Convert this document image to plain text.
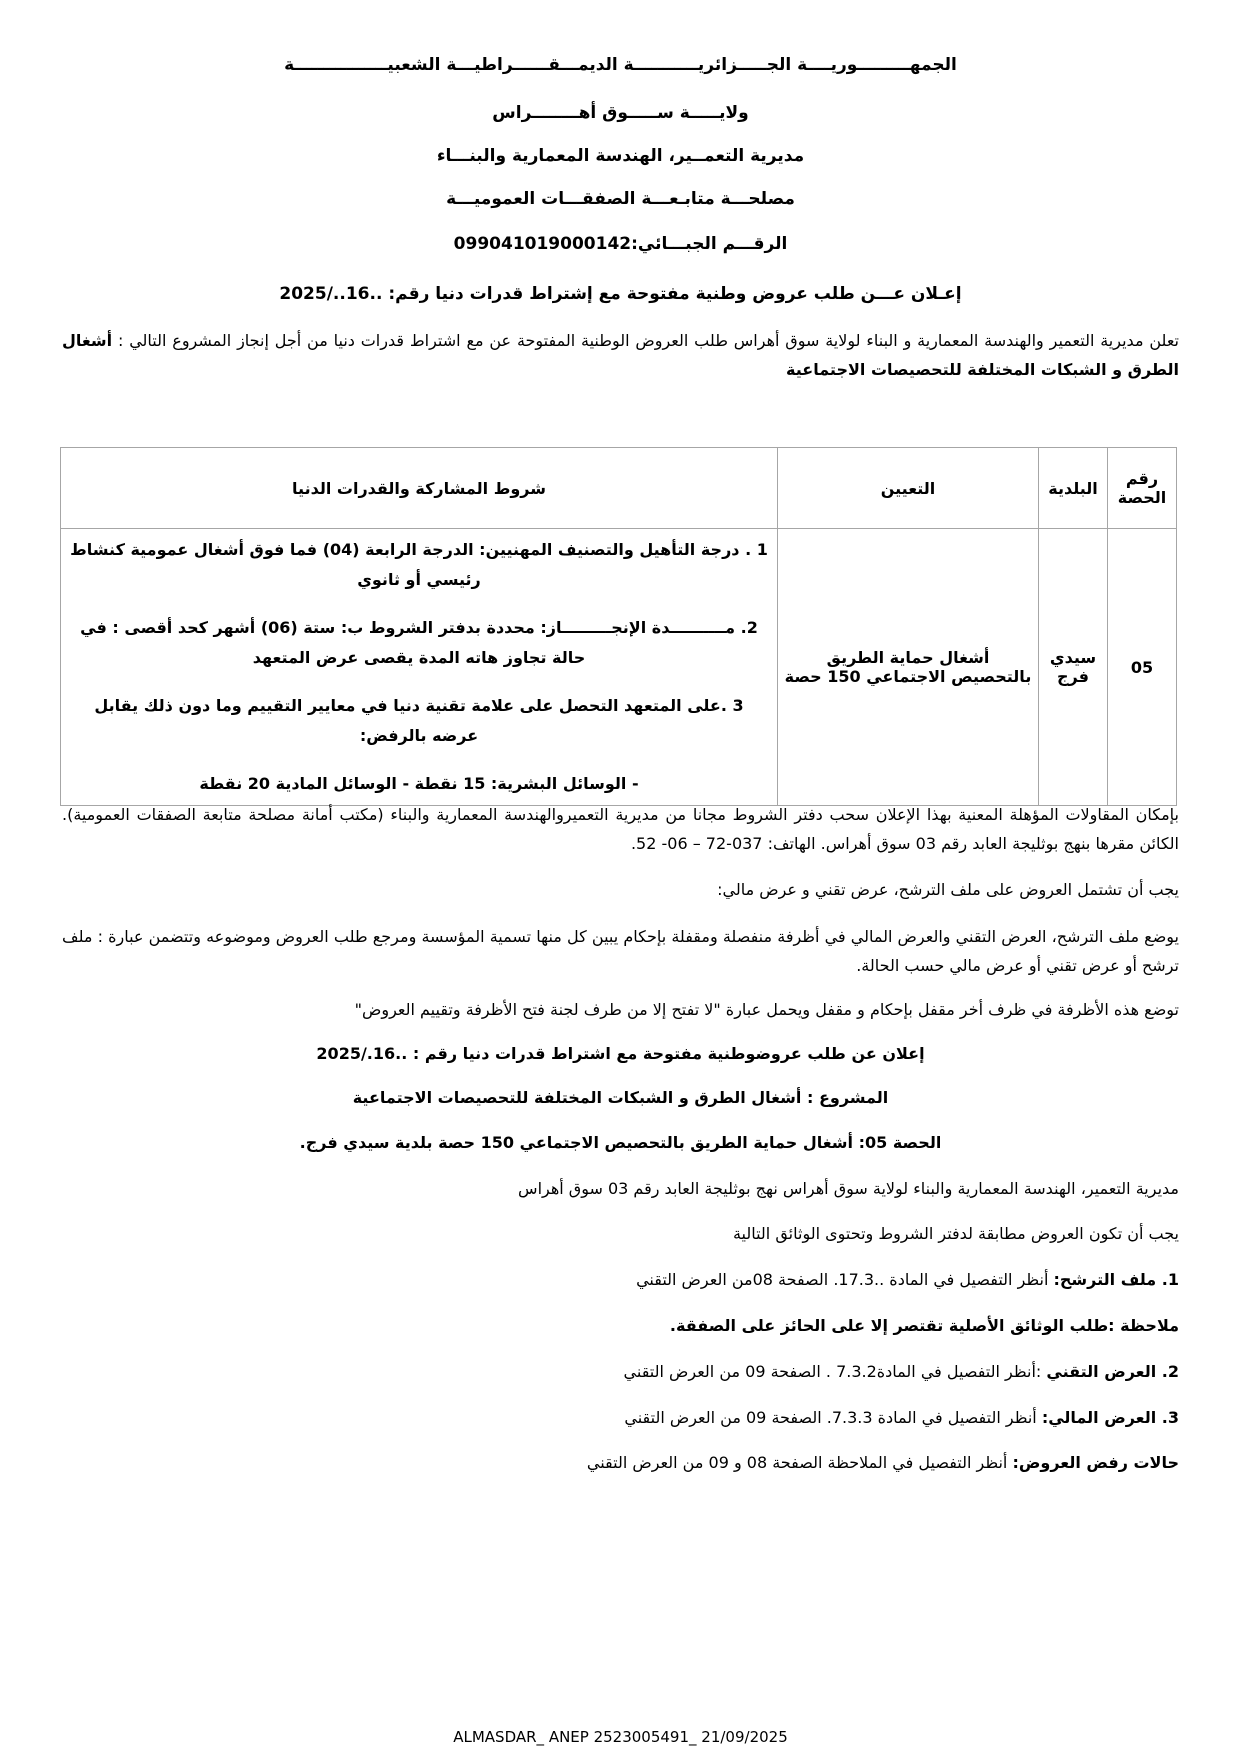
الجمهـــــــــوريــــة الجـــــزائريـــــــــــة الديمـــقــــــراطيـــة الشعبيــــــــــــــــة
ولايـــــة ســـــوق أهــــــــراس
مديرية التعمــير، الهندسة المعمارية والبنـــاء
مصلحـــة متابـعـــة الصفقـــات العموميـــة
الرقـــم الجبـــائي:099041019000142
إعـلان عـــن طلب عروض وطنية مفتوحة مع إشتراط قدرات دنيا رقم: ..16../2025
تعلن مديرية التعمير والهندسة المعمارية و البناء لولاية سوق أهراس طلب العروض الوطنية المفتوحة عن مع اشتراط قدرات دنيا من أجل إنجاز المشروع التالي : أشغال الطرق و الشبكات المختلفة للتحصيصات الاجتماعية
رقم الحصة	البلدية	التعيين	شروط المشاركة والقدرات الدنيا
05	سيدي فرج	أشغال حماية الطريق بالتحصيص الاجتماعي 150 حصة	1 . درجة التأهيل والتصنيف المهنيين: الدرجة الرابعة (04) فما فوق أشغال عمومية كنشاط رئيسي أو ثانوي

2. مــــــــــدة الإنجـــــــــاز: محددة بدفتر الشروط ب: ستة (06) أشهر كحد أقصى : في حالة تجاوز هاته المدة يقصى عرض المتعهد

3 .على المتعهد التحصل على علامة تقنية دنيا في معايير التقييم وما دون ذلك يقابل عرضه بالرفض:

- الوسائل البشرية: 15 نقطة - الوسائل المادية 20 نقطة

بإمكان المقاولات المؤهلة المعنية بهذا الإعلان سحب دفتر الشروط مجانا من مديرية التعميروالهندسة المعمارية والبناء (مكتب أمانة مصلحة متابعة الصفقات العمومية). الكائن مقرها بنهج بوثليجة العابد رقم 03 سوق أهراس. الهاتف: 037-72 – 06- 52.
يجب أن تشتمل العروض على ملف الترشح، عرض تقني و عرض مالي:
يوضع ملف الترشح، العرض التقني والعرض المالي في أظرفة منفصلة ومقفلة بإحكام يبين كل منها تسمية المؤسسة ومرجع طلب العروض وموضوعه وتتضمن عبارة : ملف ترشح أو عرض تقني أو عرض مالي حسب الحالة.
توضع هذه الأظرفة في ظرف أخر مقفل بإحكام و مقفل ويحمل عبارة "لا تفتح إلا من طرف لجنة فتح الأظرفة وتقييم العروض"
إعلان عن طلب عروضوطنية مفتوحة مع اشتراط قدرات دنيا رقم : ..16./2025
المشروع : أشغال الطرق و الشبكات المختلفة للتحصيصات الاجتماعية
الحصة 05: أشغال حماية الطريق بالتحصيص الاجتماعي 150 حصة بلدية سيدي فرج.
مديرية التعمير، الهندسة المعمارية والبناء لولاية سوق أهراس نهج بوثليجة العابد رقم 03 سوق أهراس
يجب أن تكون العروض مطابقة لدفتر الشروط وتحتوى الوثائق التالية
1. ملف الترشح: أنظر التفصيل في المادة ..17.3. الصفحة 08من العرض التقني
ملاحظة :طلب الوثائق الأصلية تقتصر إلا على الحائز على الصفقة.
2. العرض التقني :أنظر التفصيل في المادة7.3.2 . الصفحة 09 من العرض التقني
3. العرض المالي: أنظر التفصيل في المادة 7.3.3. الصفحة 09 من العرض التقني
حالات رفض العروض: أنظر التفصيل في الملاحظة الصفحة 08 و 09 من العرض التقني
ALMASDAR_ ANEP 2523005491_ 21/09/2025
